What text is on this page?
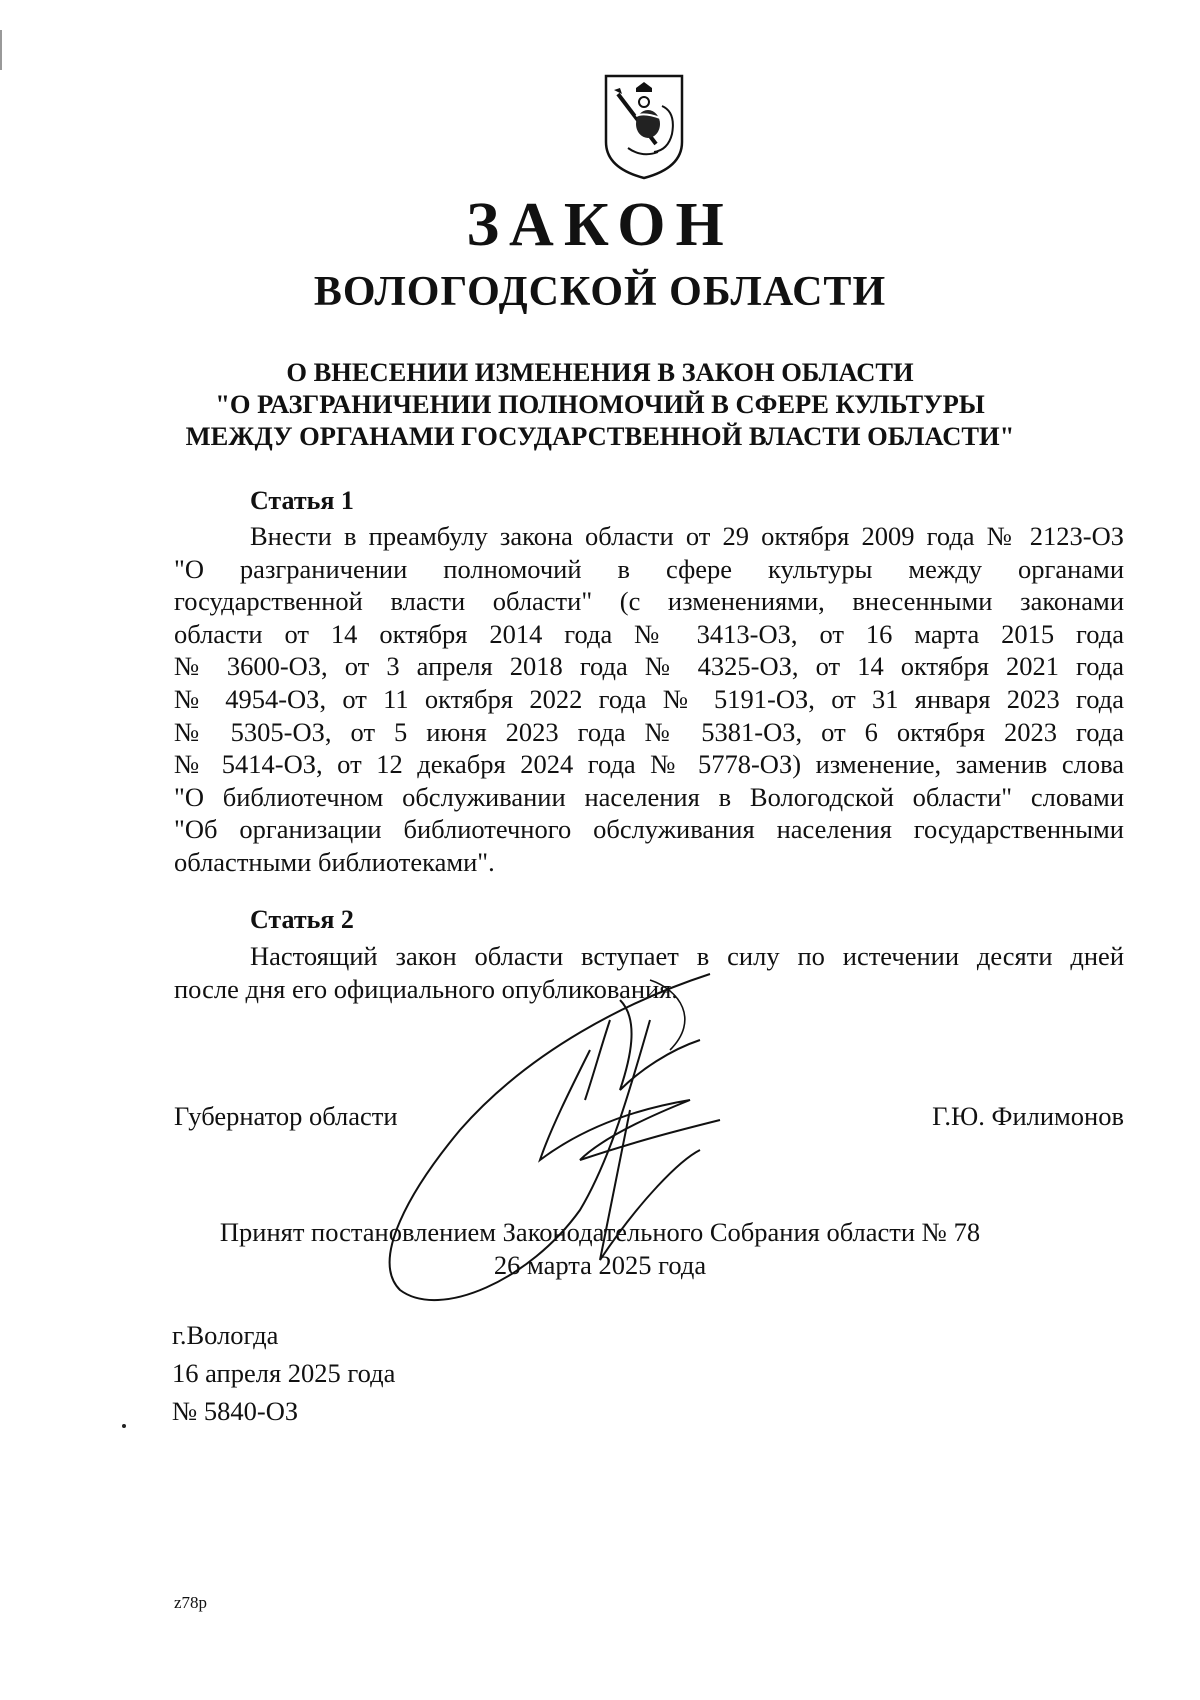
ЗАКОН
ВОЛОГОДСКОЙ ОБЛАСТИ
О ВНЕСЕНИИ ИЗМЕНЕНИЯ В ЗАКОН ОБЛАСТИ
"О РАЗГРАНИЧЕНИИ ПОЛНОМОЧИЙ В СФЕРЕ КУЛЬТУРЫ
МЕЖДУ ОРГАНАМИ ГОСУДАРСТВЕННОЙ ВЛАСТИ ОБЛАСТИ"
Статья 1
Внести в преамбулу закона области от 29 октября 2009 года № 2123-ОЗ
"О разграничении полномочий в сфере культуры между органами
государственной власти области" (с изменениями, внесенными законами
области от 14 октября 2014 года № 3413-ОЗ, от 16 марта 2015 года
№ 3600-ОЗ, от 3 апреля 2018 года № 4325-ОЗ, от 14 октября 2021 года
№ 4954-ОЗ, от 11 октября 2022 года № 5191-ОЗ, от 31 января 2023 года
№ 5305-ОЗ, от 5 июня 2023 года № 5381-ОЗ, от 6 октября 2023 года
№ 5414-ОЗ, от 12 декабря 2024 года № 5778-ОЗ) изменение, заменив слова
"О библиотечном обслуживании населения в Вологодской области" словами
"Об организации библиотечного обслуживания населения государственными
областными библиотеками".
Статья 2
Настоящий закон области вступает в силу по истечении десяти дней
после дня его официального опубликования.
Губернатор области	Г.Ю. Филимонов
Принят постановлением Законодательного Собрания области № 78
26 марта 2025 года
г.Вологда
16 апреля 2025 года
№ 5840-ОЗ
z78p
